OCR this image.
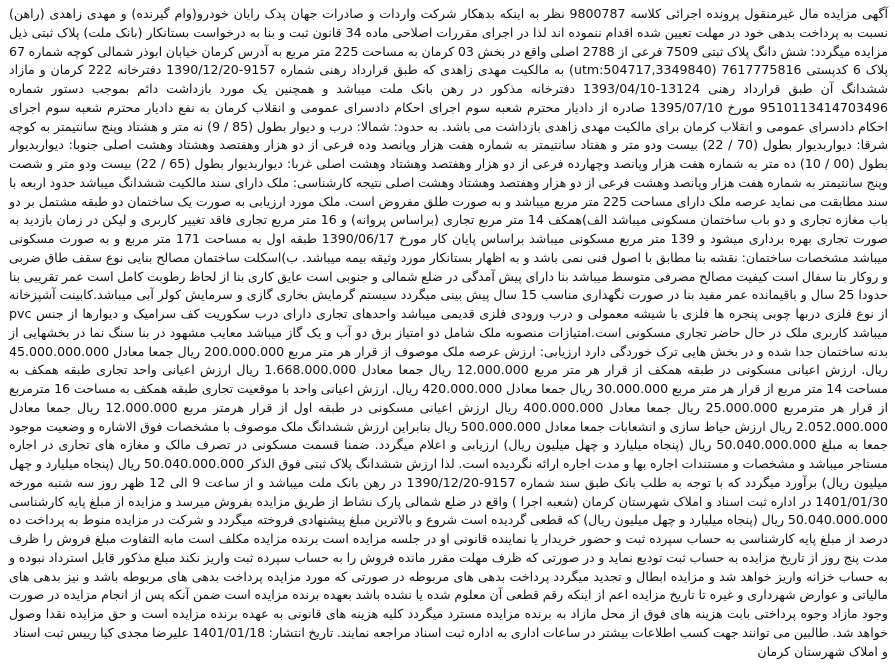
آگهی مزایده مال غیرمنقول پرونده اجرائی کلاسه 9800787 نظر به اینکه بدهکار شرکت واردات و صادرات جهان پدک رایان خودرو(وام گیرنده) و مهدی زاهدی (راهن) نسبت به پرداخت بدهی خود در مهلت تعیین شده اقدام ننموده اند لذا در اجرای مقررات اصلاحی ماده 34 قانون ثبت و بنا به درخواست بستانکار (بانک ملت) پلاک ثبتی ذیل مزایده میگردد: شش دانگ پلاک ثبتی 7509 فرعی از 2788 اصلی واقع در بخش 03 کرمان به مساحت 225 متر مربع به آدرس کرمان خیابان ابوذر شمالی کوچه شماره 67 پلاک 6 کدپستی 7617775816 (utm:504717,3349840) به مالکیت مهدی زاهدی که طبق قرارداد رهنی شماره 9157-1390/12/20 دفترخانه 222 کرمان و مازاد ششدانگ آن طبق قرارداد رهنی 13124-1393/04/10 دفترخانه مذکور در رهن بانک ملت میباشد و همچنین یک مورد بازداشت دائم بموجب دستور شماره 9510113414703496 مورخ 1395/07/10 صادره از دادیار محترم شعبه سوم اجرای احکام دادسرای عمومی و انقلاب کرمان به نفع دادیار محترم شعبه سوم اجرای احکام دادسرای عمومی و انقلاب کرمان برای مالکیت مهدی زاهدی بازداشت می باشد. به حدود: شمالا: درب و دیوار بطول (85 / 9) نه متر و هشتاد وپنج سانتیمتر به کوچه شرقا: دیواربدیوار بطول (70 / 22) بیست ودو متر و هفتاد سانتیمتر به شماره هفت هزار وپانصد وده فرعی از دو هزار وهفتصد وهشتاد وهشت اصلی جنوبا: دیواربدیوار بطول (00 / 10) ده متر به شماره هفت هزار وپانصد وچهارده فرعی از دو هزار وهفتصد وهشتاد وهشت اصلی غربا: دیواربدیوار بطول (65 / 22) بیست ودو متر و شصت وپنج سانتیمتر به شماره هفت هزار وپانصد وهشت فرعی از دو هزار وهفتصد وهشتاد وهشت اصلی نتیجه کارشناسی: ملک دارای سند مالکیت ششدانگ میباشد حدود اربعه با سند مطابقت می نماید عرصه ملک دارای مساحت 225 متر مربع میباشد و به صورت طلق مفروض است. ملک مورد ارزیابی به صورت یک ساختمان دو طبقه مشتمل بر دو باب مغازه تجاری و دو باب ساختمان مسکونی میباشد الف)همکف 14 متر مربع تجاری (براساس پروانه) و 16 متر مربع تجاری فاقد تغییر کاربری و لیکن در زمان بازدید به صورت تجاری بهره برداری میشود و 139 متر مربع مسکونی میباشد براساس پایان کار مورخ 1390/06/17 طبقه اول به مساحت 171 متر مربع و به صورت مسکونی میباشد مشخصات ساختمان: نقشه بنا مطابق با اصول فنی نمی باشد و به اظهار بستانکار مورد وثیقه بیمه میباشد. ب)اسکلت ساختمان مصالح بنایی نوع سقف طاق ضربی و روکار بنا سفال است کیفیت مصالح مصرفی متوسط میباشد بنا دارای پیش آمدگی در ضلع شمالی و جنوبی است عایق کاری بنا از لحاظ رطوبت کامل است عمر تقریبی بنا حدودا 25 سال و باقیمانده عمر مفید بنا در صورت نگهداری مناسب 15 سال پیش بینی میگردد سیستم گرمایش بخاری گازی و سرمایش کولر آبی میباشد.کابینت آشپزخانه از نوع فلزی دربها چوبی پنجره ها فلزی با شیشه معمولی و درب ورودی فلزی قدیمی میباشد واحدهای تجاری دارای درب سکوریت کف سرامیک و دیوارها از جنس pvc میباشد کاربری ملک در حال حاضر تجاری مسکونی است.امتیازات منصوبه ملک شامل دو امتیاز برق دو آب و یک گاز میباشد معایب مشهود در بنا سنگ نما در بخشهایی از بدنه ساختمان جدا شده و در بخش هایی ترک خوردگی دارد ارزیابی: ارزش عرصه ملک موصوف از قرار هر متر مربع 200.000.000 ریال جمعا معادل 45.000.000.000 ریال. ارزش اعیانی مسکونی در طبقه همکف از قرار هر متر مربع 12.000.000 ریال جمعا معادل 1.668.000.000 ریال ارزش اعیانی واحد تجاری طبقه همکف به مساحت 14 متر مربع از قرار هر متر مربع 30.000.000 ریال جمعا معادل 420.000.000 ریال. ارزش اعیانی واحد با موقعیت تجاری طبقه همکف به مساحت 16 مترمربع از قرار هر مترمربع 25.000.000 ریال جمعا معادل 400.000.000 ریال ارزش اعیانی مسکونی در طبقه اول از قرار هرمتر مربع 12.000.000 ریال جمعا معادل 2.052.000.000 ریال ارزش حیاط سازی و انشعابات جمعا معادل 500.000.000 ریال بنابراین ارزش ششدانگ ملک موصوف با مشخصات فوق الاشاره و وضعیت موجود جمعا به مبلغ 50.040.000.000 ریال (پنجاه میلیارد و چهل میلیون ریال) ارزیابی و اعلام میگردد. ضمنا قسمت مسکونی در تصرف مالک و مغازه های تجاری در اجاره مستاجر میباشد و مشخصات و مستندات اجاره بها و مدت اجاره ارائه نگردیده است. لذا ارزش ششدانگ پلاک ثبتی فوق الذکر 50.040.000.000 ریال (پنجاه میلیارد و چهل میلیون ریال) برآورد میگردد که با توجه به طلب بانک طبق سند شماره 9157-1390/12/20 در رهن بانک ملت میباشد و از ساعت 9 الی 12 ظهر روز سه شنبه مورخه 1401/01/30 در اداره ثبت اسناد و املاک شهرستان کرمان (شعبه اجرا ) واقع در ضلع شمالی پارک نشاط از طریق مزایده بفروش میرسد و مزایده از مبلغ پایه کارشناسی 50.040.000.000 ریال (پنجاه میلیارد و چهل میلیون ریال) که قطعی گردیده است شروع و بالاترین مبلغ پیشنهادی فروخته میگردد و شرکت در مزایده منوط به پرداخت ده درصد از مبلغ پایه کارشناسی به حساب سپرده ثبت و حضور خریدار یا نماینده قانونی او در جلسه مزایده است برنده مزایده مکلف است مابه التفاوت مبلغ فروش را ظرف مدت پنج روز از تاریخ مزایده به حساب ثبت تودیع نماید و در صورتی که ظرف مهلت مقرر مانده فروش را به حساب سپرده ثبت واریز نکند مبلغ مذکور قابل استرداد نبوده و به حساب خزانه واریز خواهد شد و مزایده ابطال و تجدید میگردد پرداخت بدهی های مربوطه در صورتی که مورد مزایده پرداخت بدهی های مربوطه باشد و نیز بدهی های مالیاتی و عوارض شهرداری و غیره تا تاریخ مزایده اعم از اینکه رقم قطعی آن معلوم شده یا نشده باشد بعهده برنده مزایده است ضمن آنکه پس از انجام مزایده در صورت وجود مازاد وجوه پرداختی بابت هزینه های فوق از محل مازاد به برنده مزایده مسترد میگردد کلیه هزینه های قانونی به عهده برنده مزایده است و حق مزایده نقدا وصول خواهد شد. طالبین می توانند جهت کسب اطلاعات بیشتر در ساعات اداری به اداره ثبت اسناد مراجعه نمایند. تاریخ انتشار: 1401/01/18 علیرضا مجدی کیا رییس ثبت اسناد

و املاک شهرستان کرمان
